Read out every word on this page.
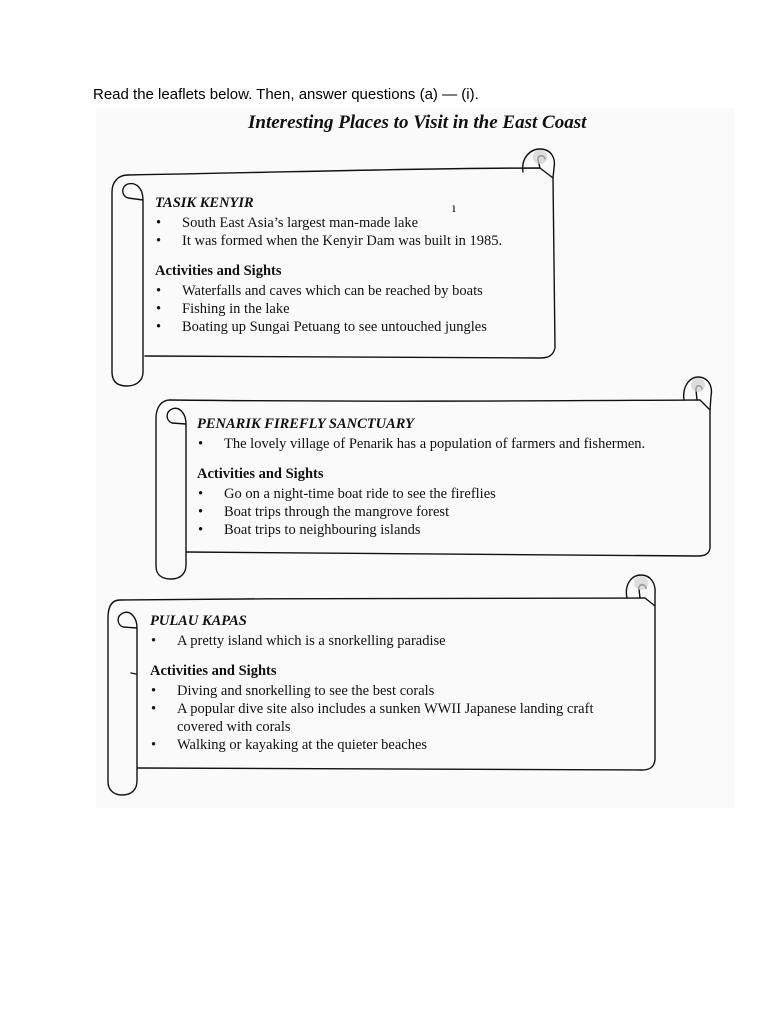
Read the leaflets below. Then, answer questions (a) — (i).
Interesting Places to Visit in the East Coast
ı
TASIK KENYIR
• South East Asia’s largest man-made lake
• It was formed when the Kenyir Dam was built in 1985.
Activities and Sights
• Waterfalls and caves which can be reached by boats
• Fishing in the lake
• Boating up Sungai Petuang to see untouched jungles
PENARIK FIREFLY SANCTUARY
• The lovely village of Penarik has a population of farmers and fishermen.
Activities and Sights
• Go on a night-time boat ride to see the fireflies
• Boat trips through the mangrove forest
• Boat trips to neighbouring islands
PULAU KAPAS
• A pretty island which is a snorkelling paradise
Activities and Sights
• Diving and snorkelling to see the best corals
• A popular dive site also includes a sunken WWII Japanese landing craft covered with corals
• Walking or kayaking at the quieter beaches
